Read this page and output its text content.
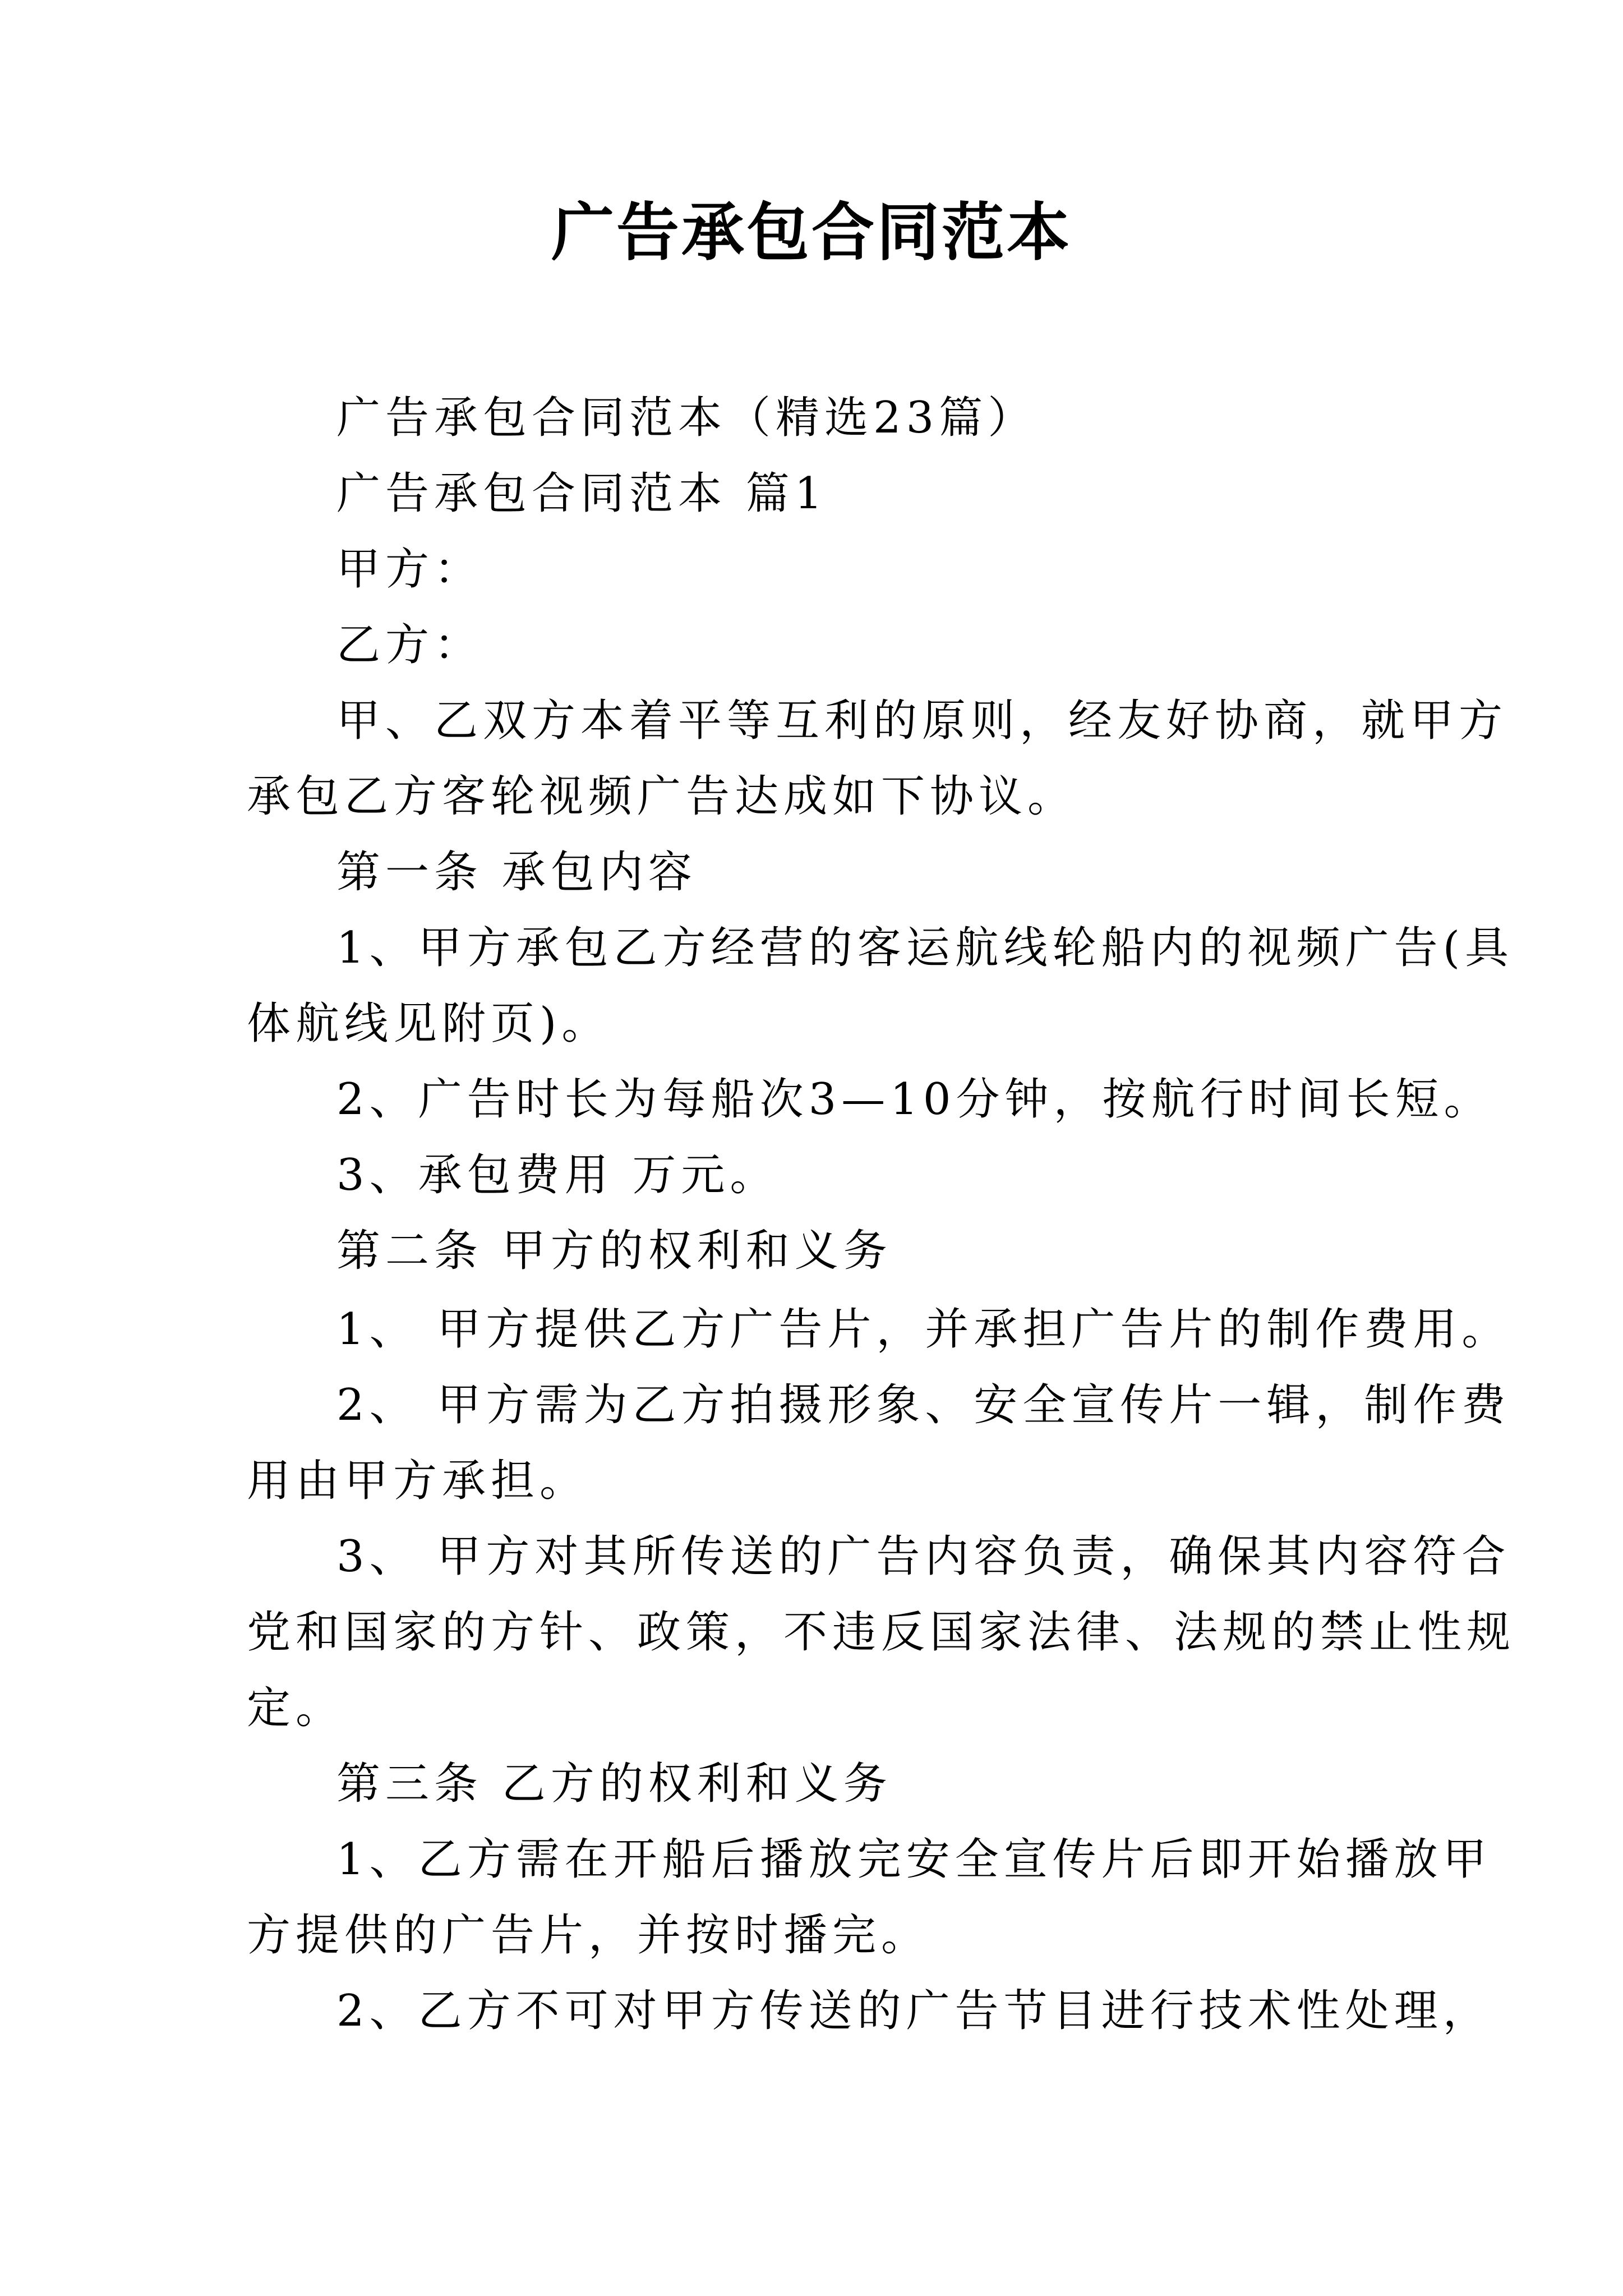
广告承包合同范本
广告承包合同范本（精选23篇）
广告承包合同范本 篇1
甲方：
乙方：
甲、乙双方本着平等互利的原则，经友好协商，就甲方
承包乙方客轮视频广告达成如下协议。
第一条 承包内容
1、甲方承包乙方经营的客运航线轮船内的视频广告(具
体航线见附页)。
2、广告时长为每船次3—10分钟，按航行时间长短。
3、承包费用 万元。
第二条 甲方的权利和义务
1、 甲方提供乙方广告片，并承担广告片的制作费用。
2、 甲方需为乙方拍摄形象、安全宣传片一辑，制作费
用由甲方承担。
3、 甲方对其所传送的广告内容负责，确保其内容符合
党和国家的方针、政策，不违反国家法律、法规的禁止性规
定。
第三条 乙方的权利和义务
1、乙方需在开船后播放完安全宣传片后即开始播放甲
方提供的广告片，并按时播完。
2、乙方不可对甲方传送的广告节目进行技术性处理，
